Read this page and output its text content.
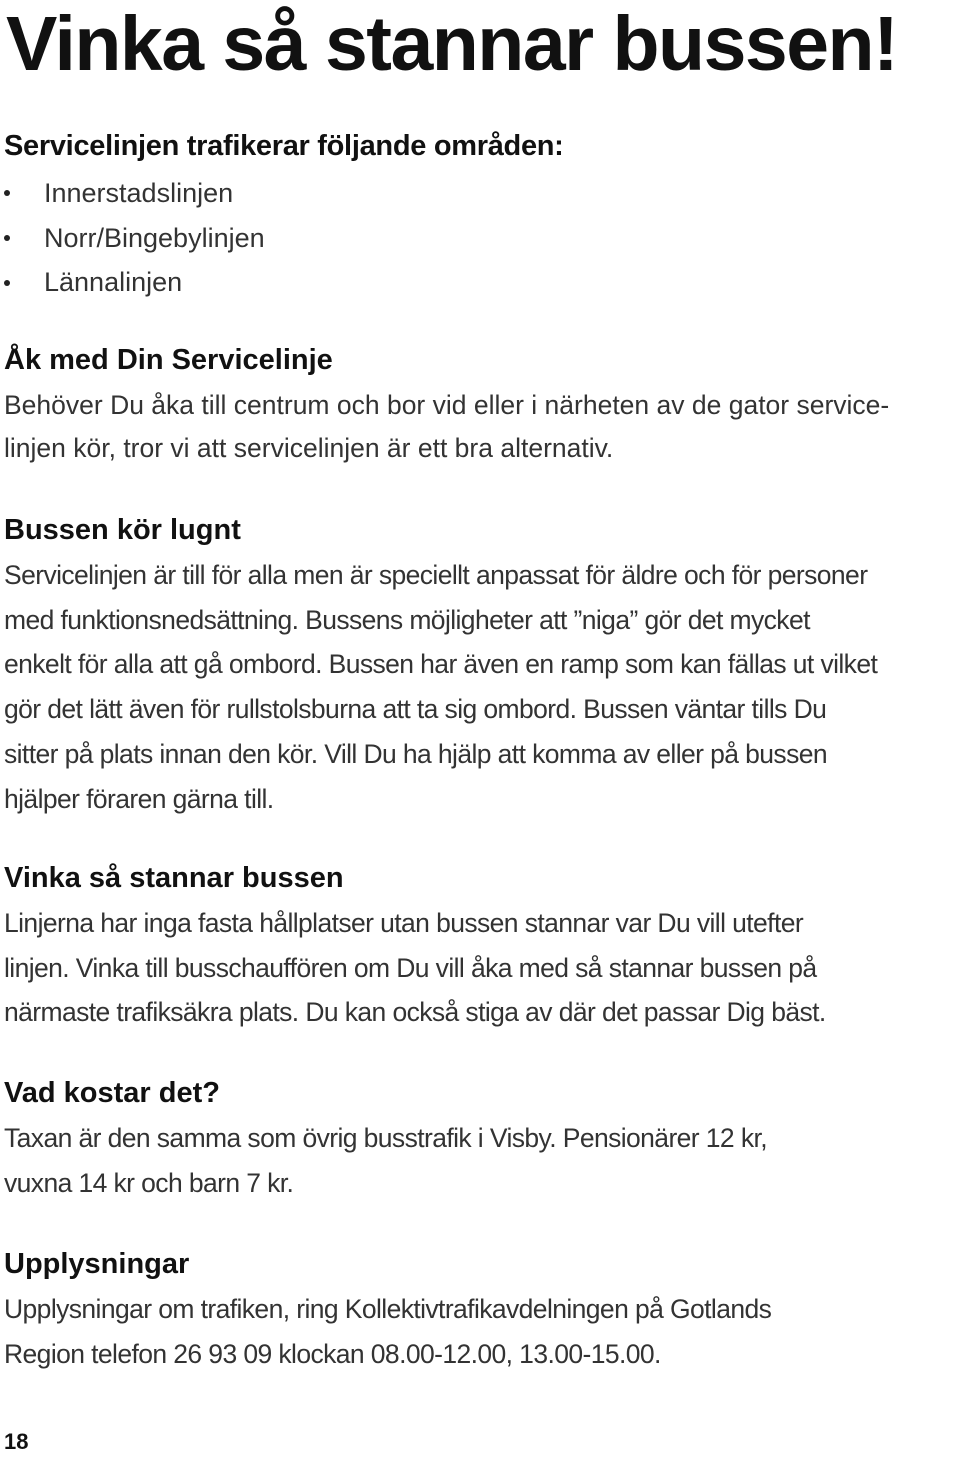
Vinka så stannar bussen!
Servicelinjen trafikerar följande områden:
Innerstadslinjen
Norr/Bingebylinjen
Lännalinjen
Åk med Din Servicelinje

Behöver Du åka till centrum och bor vid eller i närheten av de gator service-
linjen kör, tror vi att servicelinjen är ett bra alternativ.

Bussen kör lugnt

Servicelinjen är till för alla men är speciellt anpassat för äldre och för personer
med funktionsnedsättning. Bussens möjligheter att ”niga” gör det mycket
enkelt för alla att gå ombord. Bussen har även en ramp som kan fällas ut vilket
gör det lätt även för rullstolsburna att ta sig ombord. Bussen väntar tills Du
sitter på plats innan den kör. Vill Du ha hjälp att komma av eller på bussen
hjälper föraren gärna till.

Vinka så stannar bussen

Linjerna har inga fasta hållplatser utan bussen stannar var Du vill utefter
linjen. Vinka till busschauffören om Du vill åka med så stannar bussen på
närmaste trafiksäkra plats. Du kan också stiga av där det passar Dig bäst.

Vad kostar det?

Taxan är den samma som övrig busstrafik i Visby. Pensionärer 12 kr,
vuxna 14 kr och barn 7 kr.

Upplysningar

Upplysningar om trafiken, ring Kollektivtrafikavdelningen på Gotlands
Region telefon 26 93 09 klockan 08.00-12.00, 13.00-15.00.

18
